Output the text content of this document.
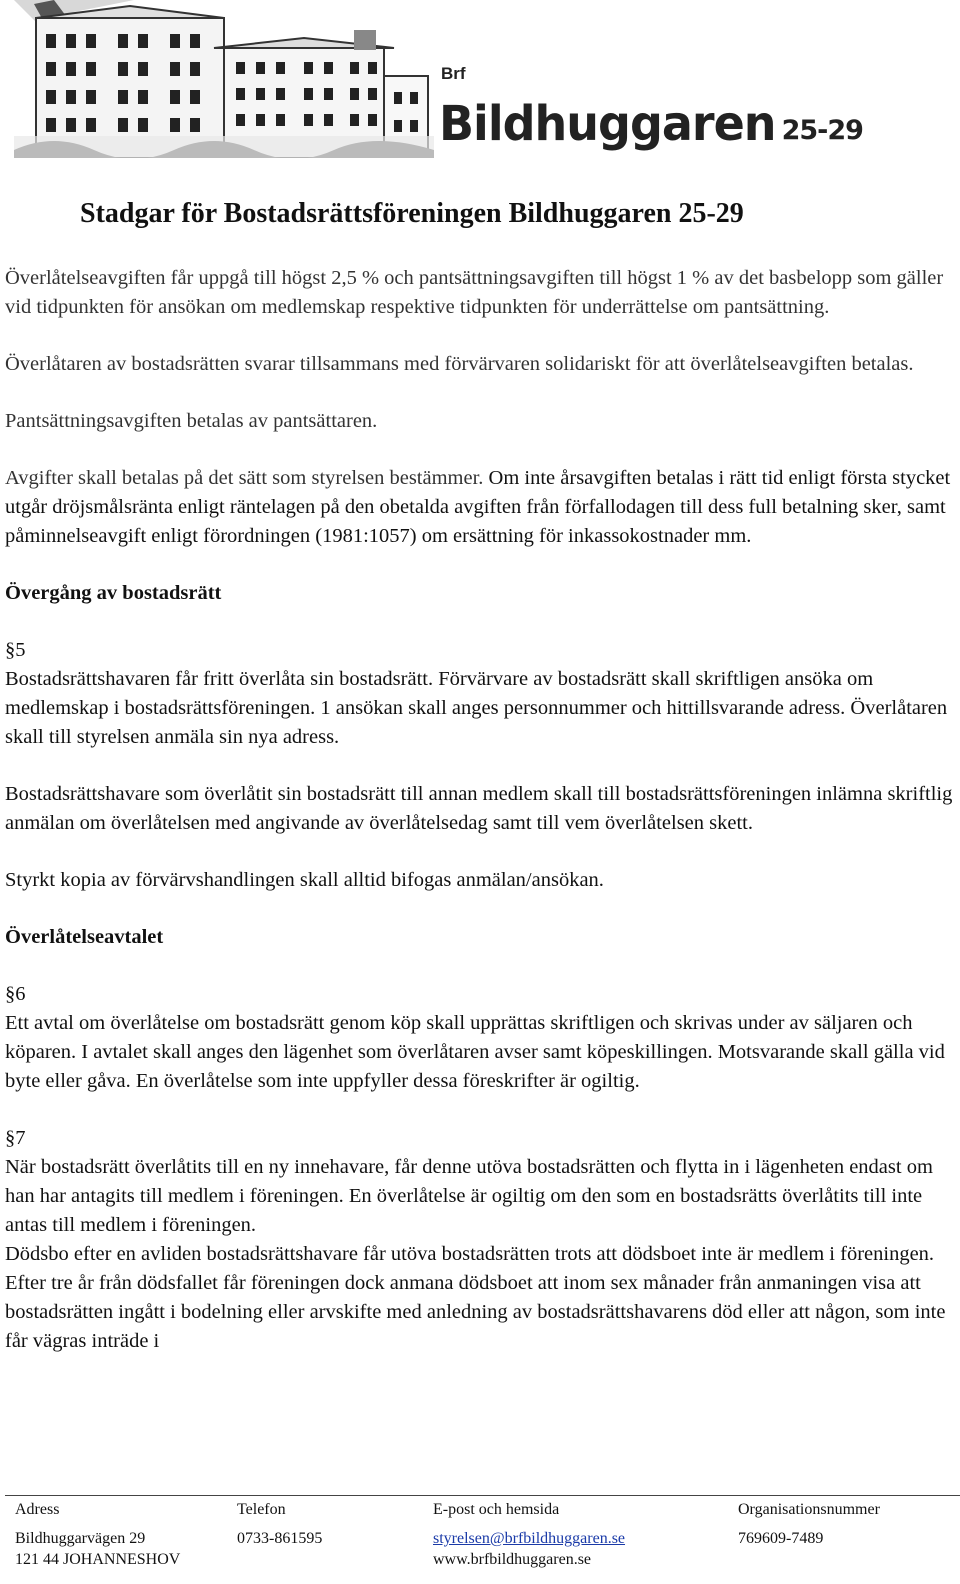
Brf
Bildhuggaren 25-29
Stadgar för Bostadsrättsföreningen Bildhuggaren 25-29

Överlåtelseavgiften får uppgå till högst 2,5 % och pantsättningsavgiften till högst 1 % av det basbelopp som gäller vid tidpunkten för ansökan om medlemskap respektive tidpunkten för underrättelse om pantsättning.

Överlåtaren av bostadsrätten svarar tillsammans med förvärvaren solidariskt för att överlåtelseavgiften betalas.

Pantsättningsavgiften betalas av pantsättaren.

Avgifter skall betalas på det sätt som styrelsen bestämmer. Om inte årsavgiften betalas i rätt tid enligt första stycket utgår dröjsmålsränta enligt räntelagen på den obetalda avgiften från förfallodagen till dess full betalning sker, samt påminnelseavgift enligt förordningen (1981:1057) om ersättning för inkassokostnader mm.

Övergång av bostadsrätt

§5

Bostadsrättshavaren får fritt överlåta sin bostadsrätt. Förvärvare av bostadsrätt skall skriftligen ansöka om medlemskap i bostadsrättsföreningen. 1 ansökan skall anges personnummer och hittillsvarande adress. Överlåtaren skall till styrelsen anmäla sin nya adress.

Bostadsrättshavare som överlåtit sin bostadsrätt till annan medlem skall till bostadsrättsföreningen inlämna skriftlig anmälan om överlåtelsen med angivande av överlåtelsedag samt till vem överlåtelsen skett.

Styrkt kopia av förvärvshandlingen skall alltid bifogas anmälan/ansökan.

Överlåtelseavtalet

§6

Ett avtal om överlåtelse om bostadsrätt genom köp skall upprättas skriftligen och skrivas under av säljaren och köparen. I avtalet skall anges den lägenhet som överlåtaren avser samt köpeskillingen. Motsvarande skall gälla vid byte eller gåva. En överlåtelse som inte uppfyller dessa föreskrifter är ogiltig.

§7

När bostadsrätt överlåtits till en ny innehavare, får denne utöva bostadsrätten och flytta in i lägenheten endast om han har antagits till medlem i föreningen. En överlåtelse är ogiltig om den som en bostadsrätts överlåtits till inte antas till medlem i föreningen.

Dödsbo efter en avliden bostadsrättshavare får utöva bostadsrätten trots att dödsboet inte är medlem i föreningen. Efter tre år från dödsfallet får föreningen dock anmana dödsboet att inom sex månader från anmaningen visa att bostadsrätten ingått i bodelning eller arvskifte med anledning av bostadsrättshavarens död eller att någon, som inte får vägras inträde i

Adress
Bildhuggarvägen 29
121 44 JOHANNESHOV
Telefon
0733-861595
E-post och hemsida
styrelsen@brfbildhuggaren.se
www.brfbildhuggaren.se
Organisationsnummer
769609-7489
